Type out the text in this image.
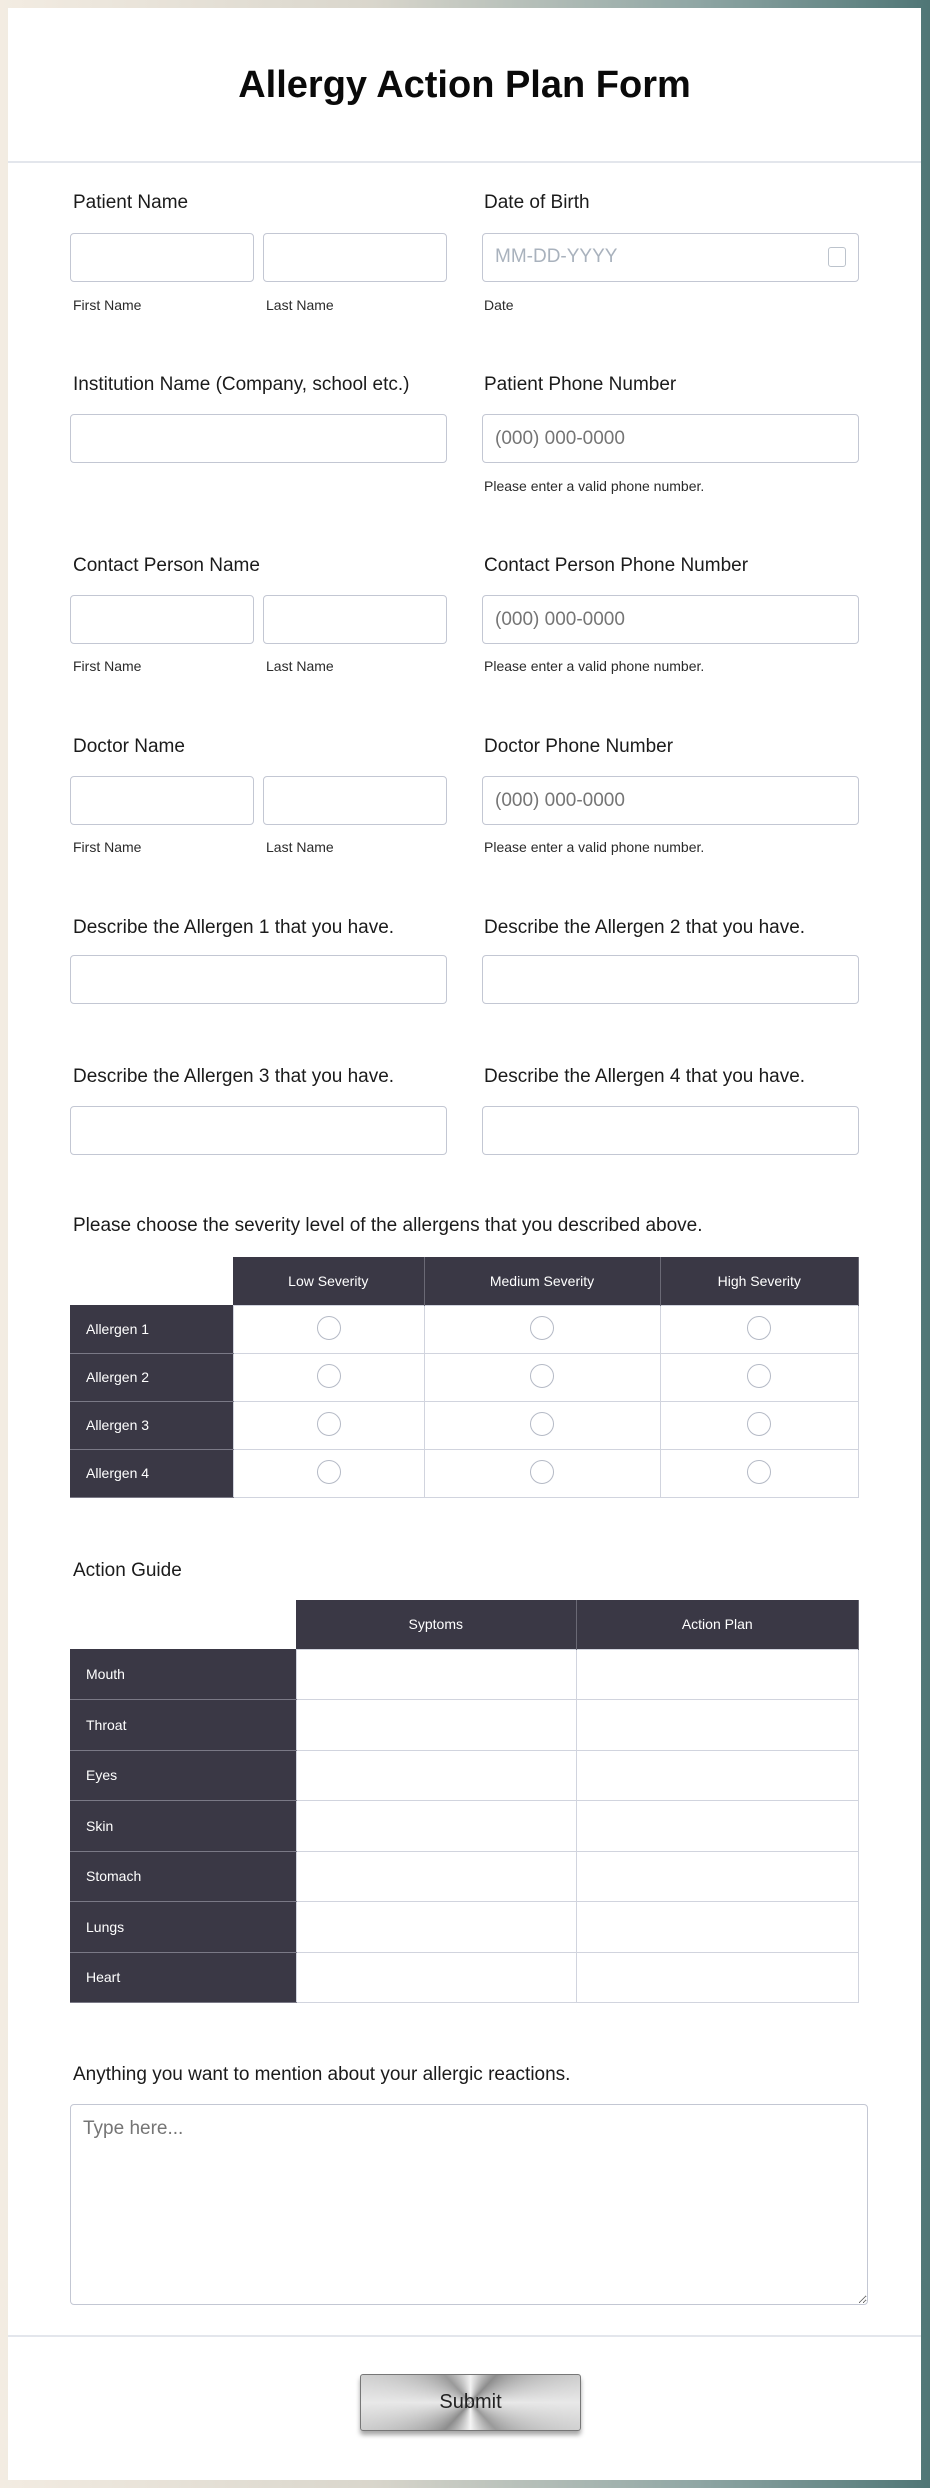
Allergy Action Plan Form
Patient Name
First Name	Last Name
Date of Birth
MM-DD-YYYY
Date
Institution Name (Company, school etc.)	Patient Phone Number
(000) 000-0000
Please enter a valid phone number.
Contact Person Name
First Name	Last Name
Contact Person Phone Number
(000) 000-0000
Please enter a valid phone number.
Doctor Name
First Name	Last Name
Doctor Phone Number
(000) 000-0000
Please enter a valid phone number.
Describe the Allergen 1 that you have.	Describe the Allergen 2 that you have.
Describe the Allergen 3 that you have.	Describe the Allergen 4 that you have.
Please choose the severity level of the allergens that you described above.
	Low Severity	Medium Severity	High Severity
Allergen 1			
Allergen 2			
Allergen 3			
Allergen 4			
Action Guide
	Syptoms	Action Plan
Mouth		
Throat		
Eyes		
Skin		
Stomach		
Lungs		
Heart		
Anything you want to mention about your allergic reactions.
Type here...
Submit
